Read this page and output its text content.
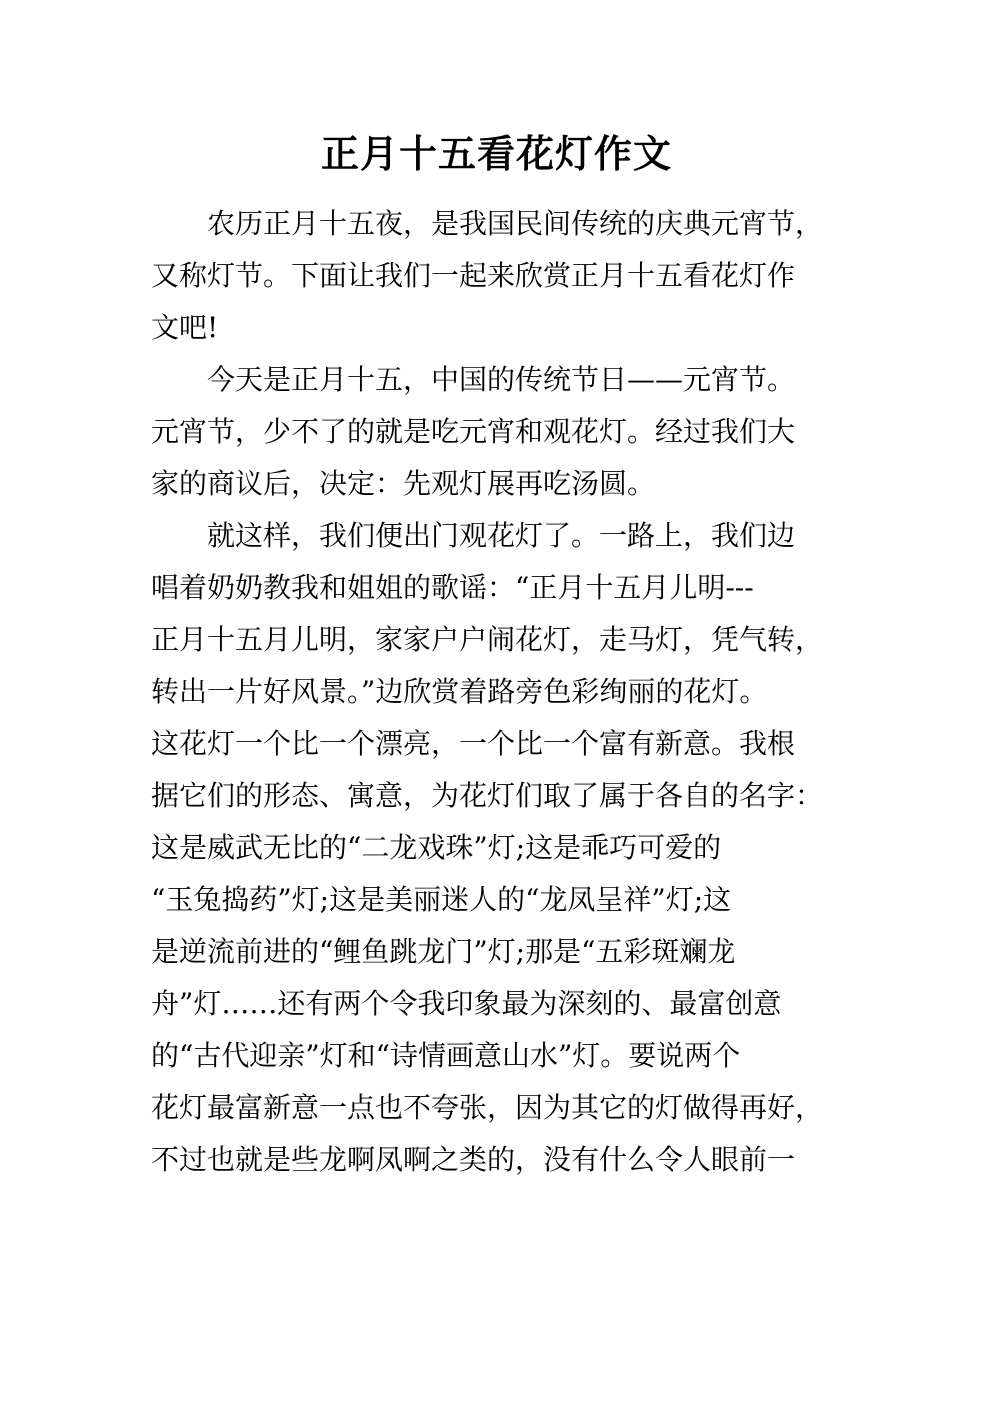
正月十五看花灯作文
　　农历正月十五夜，是我国民间传统的庆典元宵节，
又称灯节。下面让我们一起来欣赏正月十五看花灯作
文吧!
　　今天是正月十五，中国的传统节日——元宵节。
元宵节，少不了的就是吃元宵和观花灯。经过我们大
家的商议后，决定：先观灯展再吃汤圆。
　　就这样，我们便出门观花灯了。一路上，我们边
唱着奶奶教我和姐姐的歌谣：“正月十五月儿明---
正月十五月儿明，家家户户闹花灯，走马灯，凭气转，
转出一片好风景。”边欣赏着路旁色彩绚丽的花灯。
这花灯一个比一个漂亮，一个比一个富有新意。我根
据它们的形态、寓意，为花灯们取了属于各自的名字：
这是威武无比的“二龙戏珠”灯;这是乖巧可爱的
“玉兔捣药”灯;这是美丽迷人的“龙凤呈祥”灯;这
是逆流前进的“鲤鱼跳龙门”灯;那是“五彩斑斓龙
舟”灯……还有两个令我印象最为深刻的、最富创意
的“古代迎亲”灯和“诗情画意山水”灯。要说两个
花灯最富新意一点也不夸张，因为其它的灯做得再好，
不过也就是些龙啊凤啊之类的，没有什么令人眼前一
